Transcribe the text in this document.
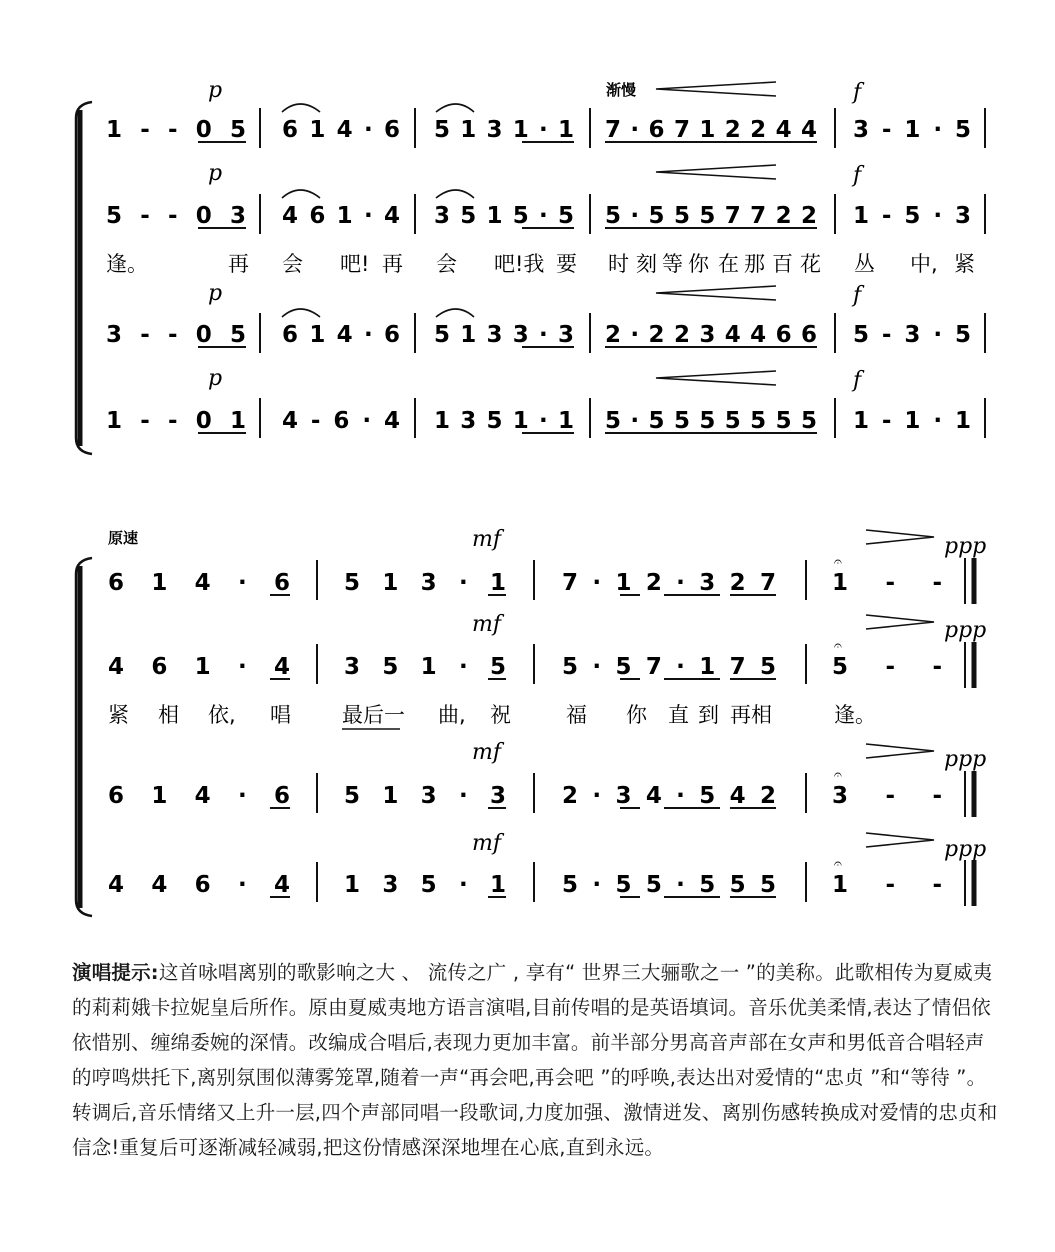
渐慢
p	f
1 - - 0 5 6 1 4 · 6 5 1 3 1 · 1 7 · 6 7 1 2 2 4 4 3 - 1 · 5
p	f
5 - - 0 3 4 6 1 · 4 3 5 1 5 · 5 5 · 5 5 5 7 7 2 2 1 - 5 · 3
逢。	再 会 吧! 再 会 吧!我 要 时 刻 等 你 在 那 百 花 丛 中, 紧
p	f
3 - - 0 5 6 1 4 · 6 5 1 3 3 · 3 2 · 2 2 3 4 4 6 6 5 - 3 · 5
p	f
1 - - 0 1 4 - 6 · 4 1 3 5 1 · 1 5 · 5 5 5 5 5 5 5 1 - 1 · 1
原速	mf	ppp
6 1 4 · 6 5 1 3 · 1 7 · 1 2 · 3 2 7 1 - -
𝄐
mf	ppp
4 6 1 · 4 3 5 1 · 5 5 · 5 7 · 1 7 5 5 - -
𝄐
紧 相 依, 唱 最后一 曲, 祝	福 你 直 到 再相	逢。
mf	ppp
6 1 4 · 6 5 1 3 · 3 2 · 3 4 · 5 4 2 3 - -
𝄐
mf	ppp
4 4 6 · 4 1 3 5 · 1 5 · 5 5 · 5 5 5 1 - -
𝄐
演唱提示:这首咏唱离别的歌影响之大 、 流传之广 , 享有“ 世界三大骊歌之一 ”的美称。此歌相传为夏威夷的莉莉娥卡拉妮皇后所作。原由夏威夷地方语言演唱,目前传唱的是英语填词。音乐优美柔情,表达了情侣依依惜别、缠绵委婉的深情。改编成合唱后,表现力更加丰富。前半部分男高音声部在女声和男低音合唱轻声的哼鸣烘托下,离别氛围似薄雾笼罩,随着一声“再会吧,再会吧 ”的呼唤,表达出对爱情的“忠贞 ”和“等待 ”。转调后,音乐情绪又上升一层,四个声部同唱一段歌词,力度加强、激情迸发、离别伤感转换成对爱情的忠贞和信念!重复后可逐渐减轻减弱,把这份情感深深地埋在心底,直到永远。
